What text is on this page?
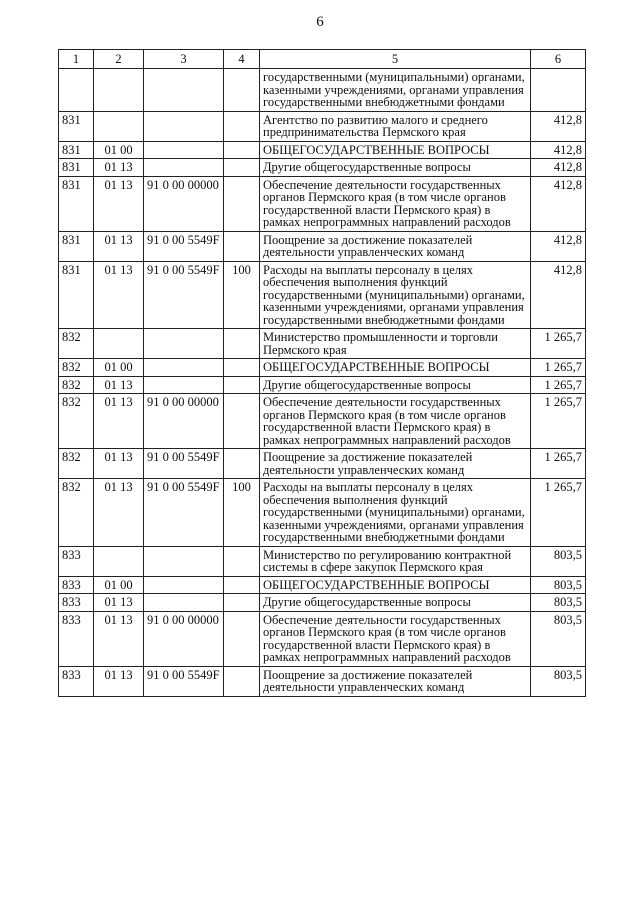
6
1	2	3	4	5	6
				государственными (муниципальными) органами, казенными учреждениями, органами управления государственными внебюджетными фондами	
831				Агентство по развитию малого и среднего предпринимательства Пермского края	412,8
831	01 00			ОБЩЕГОСУДАРСТВЕННЫЕ ВОПРОСЫ	412,8
831	01 13			Другие общегосударственные вопросы	412,8
831	01 13	91 0 00 00000		Обеспечение деятельности государственных органов Пермского края (в том числе органов государственной власти Пермского края) в рамках непрограммных направлений расходов	412,8
831	01 13	91 0 00 5549F		Поощрение за достижение показателей деятельности управленческих команд	412,8
831	01 13	91 0 00 5549F	100	Расходы на выплаты персоналу в целях обеспечения выполнения функций государственными (муниципальными) органами, казенными учреждениями, органами управления государственными внебюджетными фондами	412,8
832				Министерство промышленности и торговли Пермского края	1 265,7
832	01 00			ОБЩЕГОСУДАРСТВЕННЫЕ ВОПРОСЫ	1 265,7
832	01 13			Другие общегосударственные вопросы	1 265,7
832	01 13	91 0 00 00000		Обеспечение деятельности государственных органов Пермского края (в том числе органов государственной власти Пермского края) в рамках непрограммных направлений расходов	1 265,7
832	01 13	91 0 00 5549F		Поощрение за достижение показателей деятельности управленческих команд	1 265,7
832	01 13	91 0 00 5549F	100	Расходы на выплаты персоналу в целях обеспечения выполнения функций государственными (муниципальными) органами, казенными учреждениями, органами управления государственными внебюджетными фондами	1 265,7
833				Министерство по регулированию контрактной системы в сфере закупок Пермского края	803,5
833	01 00			ОБЩЕГОСУДАРСТВЕННЫЕ ВОПРОСЫ	803,5
833	01 13			Другие общегосударственные вопросы	803,5
833	01 13	91 0 00 00000		Обеспечение деятельности государственных органов Пермского края (в том числе органов государственной власти Пермского края) в рамках непрограммных направлений расходов	803,5
833	01 13	91 0 00 5549F		Поощрение за достижение показателей деятельности управленческих команд	803,5
